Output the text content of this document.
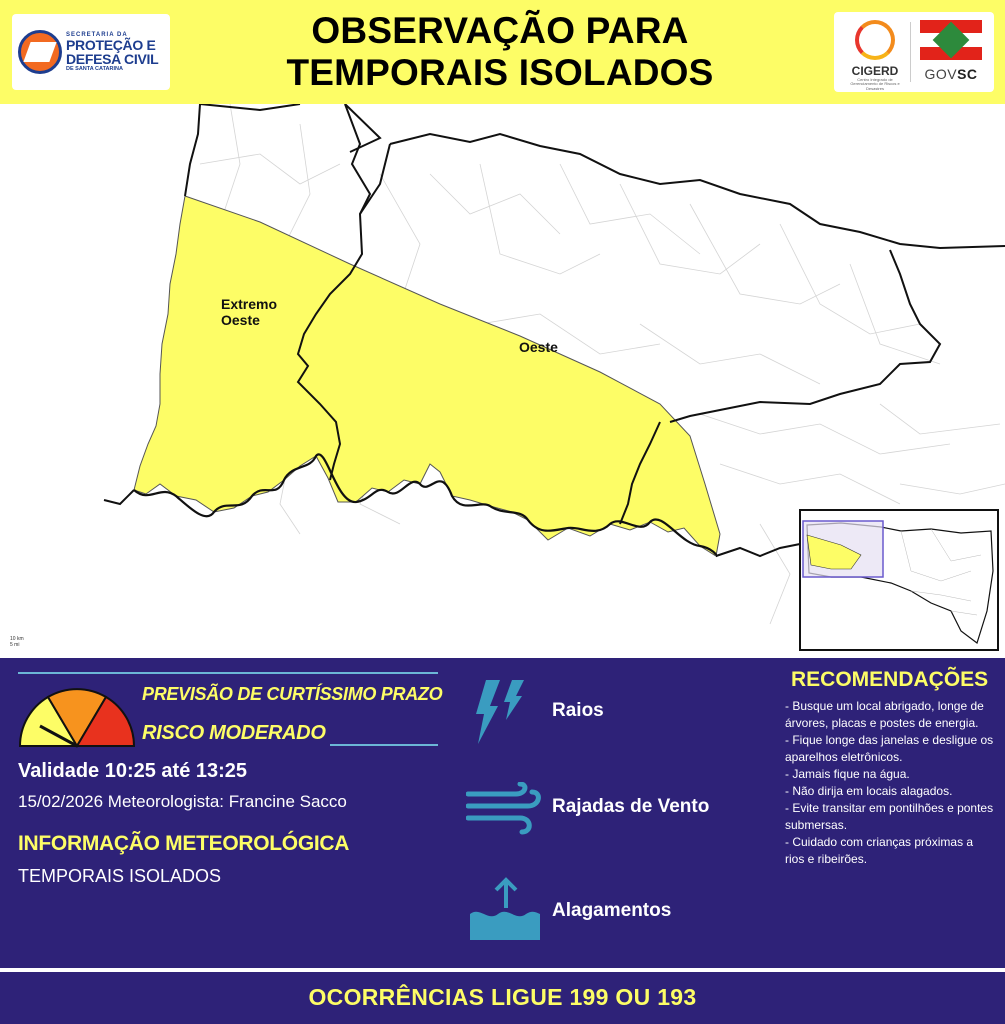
SECRETARIA DA
PROTEÇÃO E
DEFESA CIVIL
DE SANTA CATARINA
OBSERVAÇÃO PARA
TEMPORAIS ISOLADOS	CIGERD
Centro Integrado de Gerenciamento de Riscos e Desastres
GOVSC
Extremo
Oeste
Oeste
10 km
5 mi
PREVISÃO DE CURTÍSSIMO PRAZO
RISCO MODERADO
Validade 10:25 até 13:25
15/02/2026 Meteorologista: Francine Sacco
INFORMAÇÃO METEOROLÓGICA
TEMPORAIS ISOLADOS
Raios
Rajadas de Vento
Alagamentos
RECOMENDAÇÕES
- Busque um local abrigado, longe de árvores, placas e postes de energia.
- Fique longe das janelas e desligue os aparelhos eletrônicos.
- Jamais fique na água.
- Não dirija em locais alagados.
- Evite transitar em pontilhões e pontes submersas.
- Cuidado com crianças próximas a rios e ribeirões.
OCORRÊNCIAS LIGUE 199 OU 193
